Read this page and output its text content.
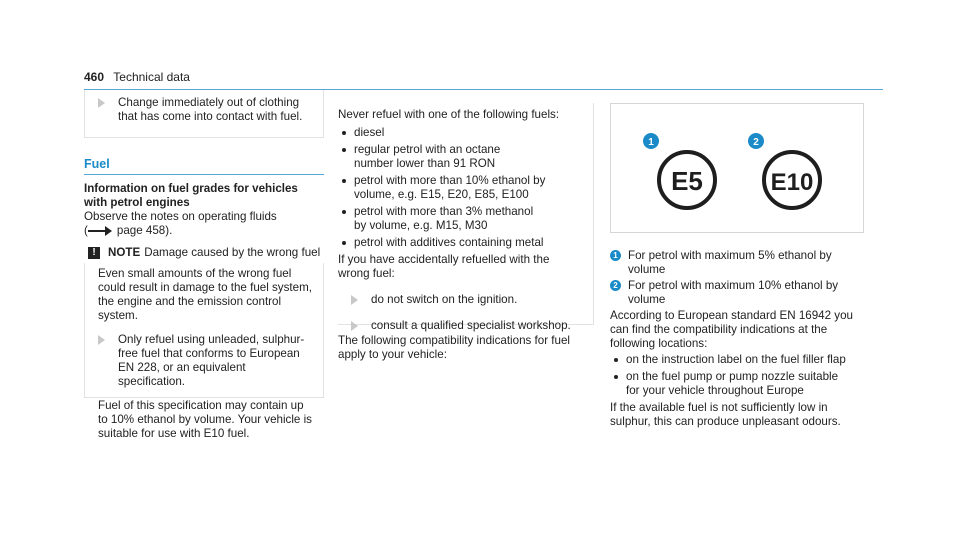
460 Technical data
Change immediately out of clothing that has come into contact with fuel.
Fuel
Information on fuel grades for vehicles with petrol engines
Observe the notes on operating fluids
(	page 458).
!	NOTE Damage caused by the wrong fuel
Even small amounts of the wrong fuel could result in damage to the fuel system, the engine and the emission control system.
Only refuel using unleaded, sulphur-free fuel that conforms to European EN 228, or an equivalent specification.
Fuel of this specification may contain up to 10% ethanol by volume. Your vehicle is suitable for use with E10 fuel.
Never refuel with one of the following fuels:
diesel
regular petrol with an octane number lower than 91 RON
petrol with more than 10% ethanol by volume, e.g. E15, E20, E85, E100
petrol with more than 3% methanol by volume, e.g. M15, M30
petrol with additives containing metal
If you have accidentally refuelled with the wrong fuel:
do not switch on the ignition.
consult a qualified specialist workshop.
The following compatibility indications for fuel apply to your vehicle:
1	2
E5	E10
1 For petrol with maximum 5% ethanol by volume
2 For petrol with maximum 10% ethanol by volume
According to European standard EN 16942 you can find the compatibility indications at the following locations:
on the instruction label on the fuel filler flap
on the fuel pump or pump nozzle suitable for your vehicle throughout Europe
If the available fuel is not sufficiently low in sulphur, this can produce unpleasant odours.
